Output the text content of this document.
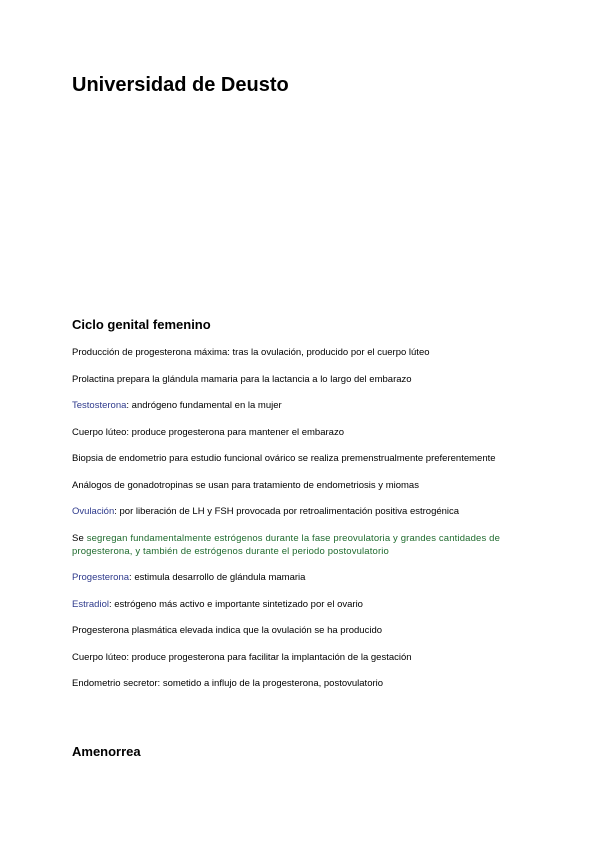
Universidad de Deusto
Ciclo genital femenino
Producción de progesterona máxima: tras la ovulación, producido por el cuerpo lúteo
Prolactina prepara la glándula mamaria para la lactancia a lo largo del embarazo
Testosterona: andrógeno fundamental en la mujer
Cuerpo lúteo: produce progesterona para mantener el embarazo
Biopsia de endometrio para estudio funcional ovárico se realiza premenstrualmente preferentemente
Análogos de gonadotropinas se usan para tratamiento de endometriosis y miomas
Ovulación: por liberación de LH y FSH provocada por retroalimentación positiva estrogénica
Se segregan fundamentalmente estrógenos durante la fase preovulatoria y grandes cantidades de progesterona, y también de estrógenos durante el periodo postovulatorio
Progesterona: estimula desarrollo de glándula mamaria
Estradiol: estrógeno más activo e importante sintetizado por el ovario
Progesterona plasmática elevada indica que la ovulación se ha producido
Cuerpo lúteo: produce progesterona para facilitar la implantación de la gestación
Endometrio secretor: sometido a influjo de la progesterona, postovulatorio
Amenorrea
